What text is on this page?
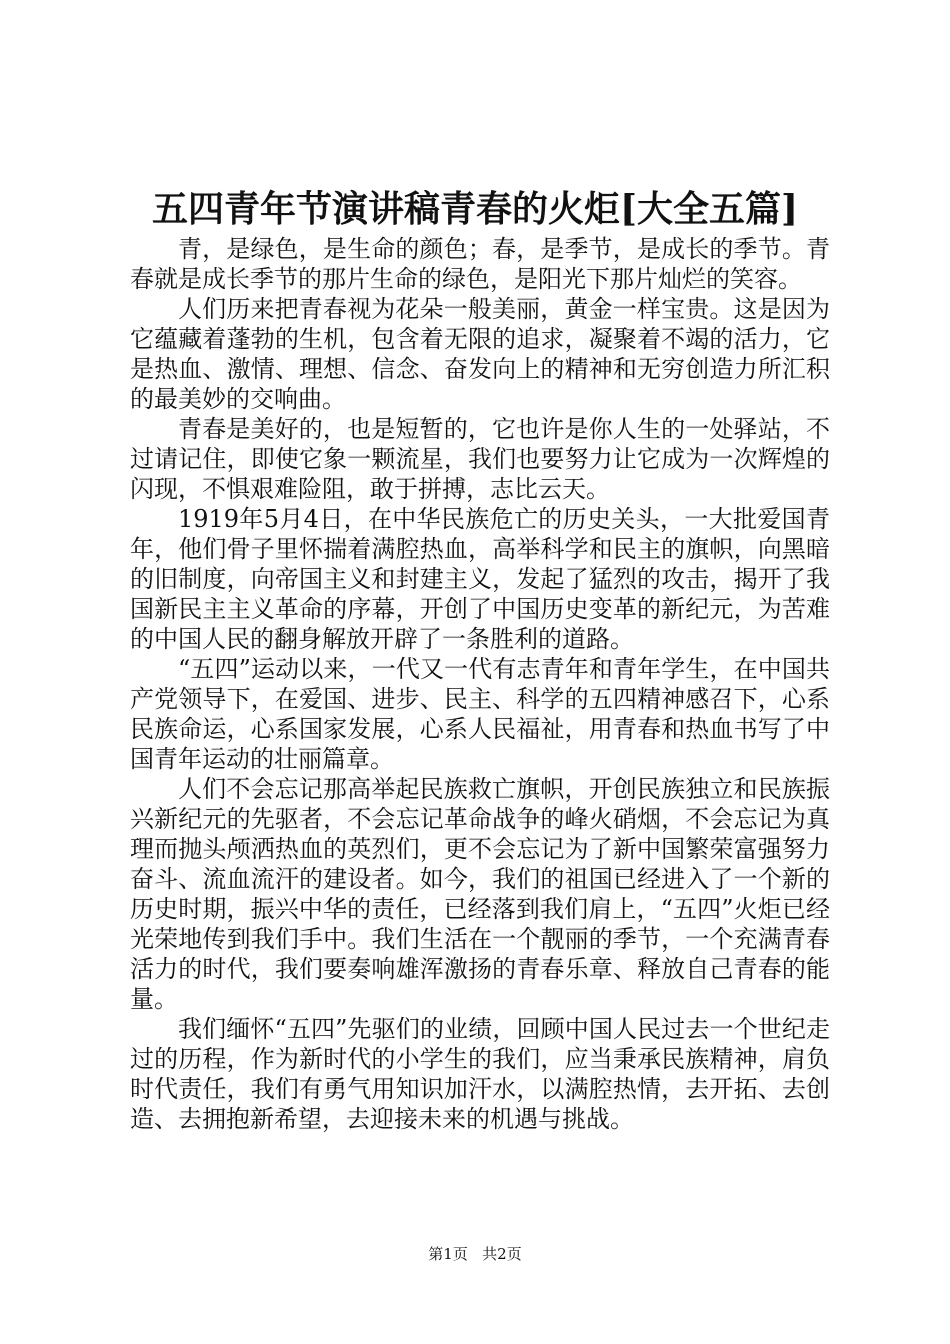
五四青年节演讲稿青春的火炬[大全五篇]

青，是绿色，是生命的颜色；春，是季节，是成长的季节。青春就是成长季节的那片生命的绿色，是阳光下那片灿烂的笑容。

人们历来把青春视为花朵一般美丽，黄金一样宝贵。这是因为它蕴藏着蓬勃的生机，包含着无限的追求，凝聚着不竭的活力，它是热血、激情、理想、信念、奋发向上的精神和无穷创造力所汇积的最美妙的交响曲。

青春是美好的，也是短暂的，它也许是你人生的一处驿站，不过请记住，即使它象一颗流星，我们也要努力让它成为一次辉煌的闪现，不惧艰难险阻，敢于拼搏，志比云天。

1919年5月4日，在中华民族危亡的历史关头，一大批爱国青年，他们骨子里怀揣着满腔热血，高举科学和民主的旗帜，向黑暗的旧制度，向帝国主义和封建主义，发起了猛烈的攻击，揭开了我国新民主主义革命的序幕，开创了中国历史变革的新纪元，为苦难的中国人民的翻身解放开辟了一条胜利的道路。

“五四”运动以来，一代又一代有志青年和青年学生，在中国共产党领导下，在爱国、进步、民主、科学的五四精神感召下，心系民族命运，心系国家发展，心系人民福祉，用青春和热血书写了中国青年运动的壮丽篇章。

人们不会忘记那高举起民族救亡旗帜，开创民族独立和民族振兴新纪元的先驱者，不会忘记革命战争的峰火硝烟，不会忘记为真理而抛头颅洒热血的英烈们，更不会忘记为了新中国繁荣富强努力奋斗、流血流汗的建设者。如今，我们的祖国已经进入了一个新的历史时期，振兴中华的责任，已经落到我们肩上，“五四”火炬已经光荣地传到我们手中。我们生活在一个靓丽的季节，一个充满青春活力的时代，我们要奏响雄浑激扬的青春乐章、释放自己青春的能量。

我们缅怀“五四”先驱们的业绩，回顾中国人民过去一个世纪走过的历程，作为新时代的小学生的我们，应当秉承民族精神，肩负时代责任，我们有勇气用知识加汗水，以满腔热情，去开拓、去创造、去拥抱新希望，去迎接未来的机遇与挑战。

第1页 共2页
